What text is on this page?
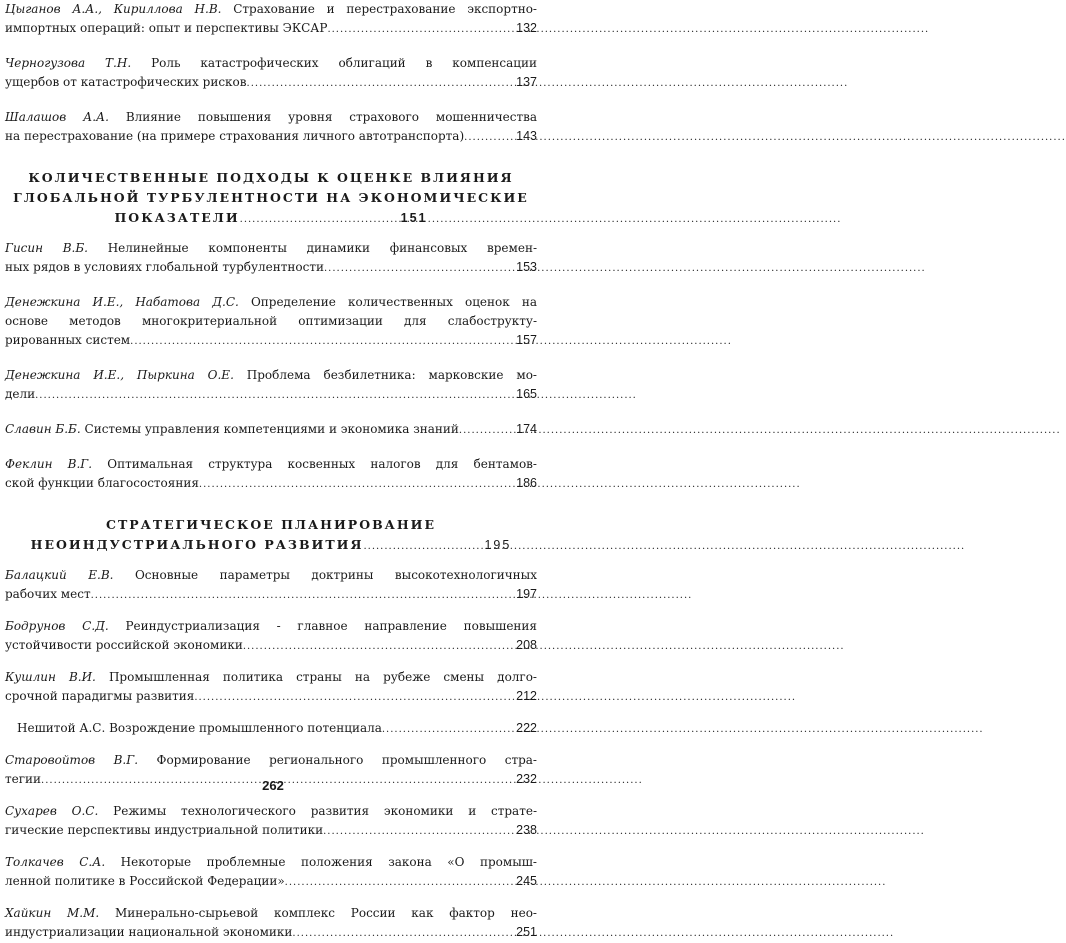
Цыганов А.А., Кириллова Н.В. Страхование и перестрахование экспортно-
импортных операций: опыт и перспективы ЭКСАР .....	132
Черногузова Т.Н. Роль катастрофических облигаций в компенсации
ущербов от катастрофических рисков .....	137
Шалашов А.А. Влияние повышения уровня страхового мошенничества
на перестрахование (на примере страхования личного автотранспорта) .....	143
КОЛИЧЕСТВЕННЫЕ ПОДХОДЫ К ОЦЕНКЕ ВЛИЯНИЯ
ГЛОБАЛЬНОЙ ТУРБУЛЕНТНОСТИ НА ЭКОНОМИЧЕСКИЕ
ПОКАЗАТЕЛИ .....	151
Гисин В.Б. Нелинейные компоненты динамики финансовых времен-
ных рядов в условиях глобальной турбулентности .....	153
Денежкина И.Е., Набатова Д.С. Определение количественных оценок на
основе методов многокритериальной оптимизации для слабострукту-
рированных систем .....	157
Денежкина И.Е., Пыркина О.Е. Проблема безбилетника: марковские мо-
дели .....	165
Славин Б.Б. Системы управления компетенциями и экономика знаний .....	174
Феклин В.Г. Оптимальная структура косвенных налогов для бентамов-
ской функции благосостояния .....	186
СТРАТЕГИЧЕСКОЕ ПЛАНИРОВАНИЕ
НЕОИНДУСТРИАЛЬНОГО РАЗВИТИЯ .....	195
Балацкий Е.В. Основные параметры доктрины высокотехнологичных
рабочих мест .....	197
Бодрунов С.Д. Реиндустриализация - главное направление повышения
устойчивости российской экономики .....	208
Кушлин В.И. Промышленная политика страны на рубеже смены долго-
срочной парадигмы развития .....	212
Нешитой А.С. Возрождение промышленного потенциала .....	222
Старовойтов В.Г. Формирование регионального промышленного стра-
тегии .....	232
Сухарев О.С. Режимы технологического развития экономики и страте-
гические перспективы индустриальной политики .....	238
Толкачев С.А. Некоторые проблемные положения закона «О промыш-
ленной политике в Российской Федерации» .....	245
Хайкин М.М. Минерально-сырьевой комплекс России как фактор нео-
индустриализации национальной экономики .....	251
262
